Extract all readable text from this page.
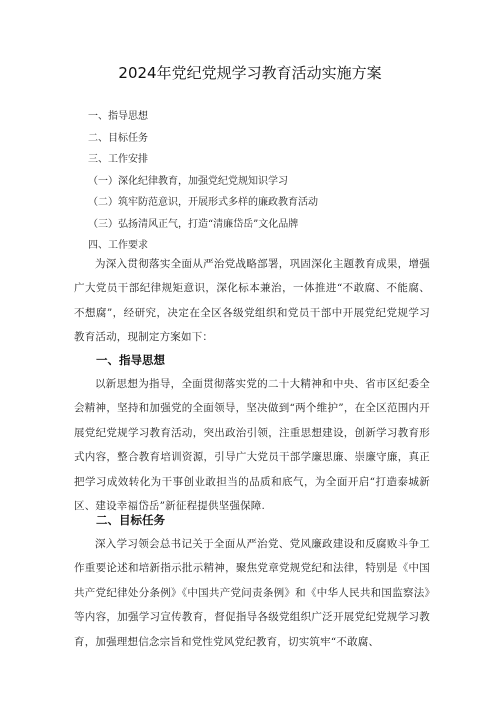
2024年党纪党规学习教育活动实施方案
一、指导思想
二、目标任务
三、工作安排
（一）深化纪律教育，加强党纪党规知识学习
（二）筑牢防范意识，开展形式多样的廉政教育活动
（三）弘扬清风正气，打造“清廉岱岳”文化品牌
四、工作要求

为深入贯彻落实全面从严治党战略部署，巩固深化主题教育成果，增强广大党员干部纪律规矩意识，深化标本兼治，一体推进“不敢腐、不能腐、不想腐”，经研究，决定在全区各级党组织和党员干部中开展党纪党规学习教育活动，现制定方案如下：

一、指导思想

以新思想为指导，全面贯彻落实党的二十大精神和中央、省市区纪委全会精神，坚持和加强党的全面领导，坚决做到“两个维护”，在全区范围内开展党纪党规学习教育活动，突出政治引领，注重思想建设，创新学习教育形式内容，整合教育培训资源，引导广大党员干部学廉思廉、崇廉守廉，真正把学习成效转化为干事创业敢担当的品质和底气，为全面开启“打造泰城新区、建设幸福岱岳”新征程提供坚强保障.

二、目标任务

深入学习领会总书记关于全面从严治党、党风廉政建设和反腐败斗争工作重要论述和培新指示批示精神，聚焦党章党规党纪和法律，特别是《中国共产党纪律处分条例》《中国共产党问责条例》和《中华人民共和国监察法》等内容，加强学习宣传教育，督促指导各级党组织广泛开展党纪党规学习教育，加强理想信念宗旨和党性党风党纪教育，切实筑牢“不敢腐、
